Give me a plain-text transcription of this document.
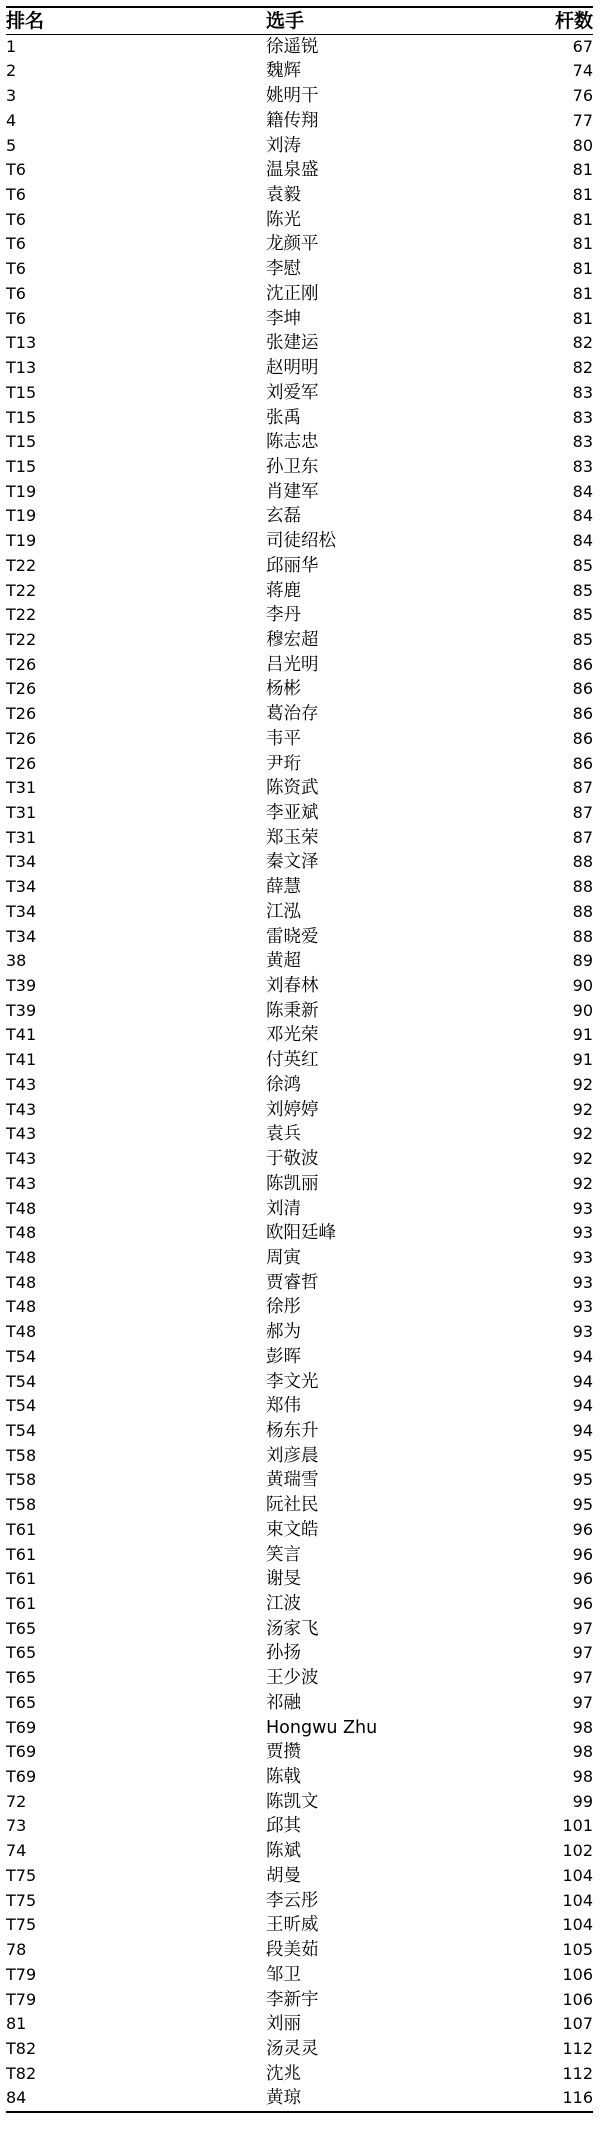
排名	选手	杆数
1	徐遥锐	67
2	魏辉	74
3	姚明干	76
4	籍传翔	77
5	刘涛	80
T6	温泉盛	81
T6	袁毅	81
T6	陈光	81
T6	龙颜平	81
T6	李慰	81
T6	沈正刚	81
T6	李坤	81
T13	张建运	82
T13	赵明明	82
T15	刘爱军	83
T15	张禹	83
T15	陈志忠	83
T15	孙卫东	83
T19	肖建军	84
T19	玄磊	84
T19	司徒绍松	84
T22	邱丽华	85
T22	蒋鹿	85
T22	李丹	85
T22	穆宏超	85
T26	吕光明	86
T26	杨彬	86
T26	葛治存	86
T26	韦平	86
T26	尹珩	86
T31	陈资武	87
T31	李亚斌	87
T31	郑玉荣	87
T34	秦文泽	88
T34	薛慧	88
T34	江泓	88
T34	雷晓爱	88
38	黄超	89
T39	刘春林	90
T39	陈秉新	90
T41	邓光荣	91
T41	付英红	91
T43	徐鸿	92
T43	刘婷婷	92
T43	袁兵	92
T43	于敬波	92
T43	陈凯丽	92
T48	刘清	93
T48	欧阳廷峰	93
T48	周寅	93
T48	贾睿哲	93
T48	徐彤	93
T48	郝为	93
T54	彭晖	94
T54	李文光	94
T54	郑伟	94
T54	杨东升	94
T58	刘彦晨	95
T58	黄瑞雪	95
T58	阮社民	95
T61	束文皓	96
T61	笑言	96
T61	谢旻	96
T61	江波	96
T65	汤家飞	97
T65	孙扬	97
T65	王少波	97
T65	祁融	97
T69	Hongwu Zhu	98
T69	贾攒	98
T69	陈戟	98
72	陈凯文	99
73	邱其	101
74	陈斌	102
T75	胡曼	104
T75	李云彤	104
T75	王昕威	104
78	段美茹	105
T79	邹卫	106
T79	李新宇	106
81	刘丽	107
T82	汤灵灵	112
T82	沈兆	112
84	黄琼	116
